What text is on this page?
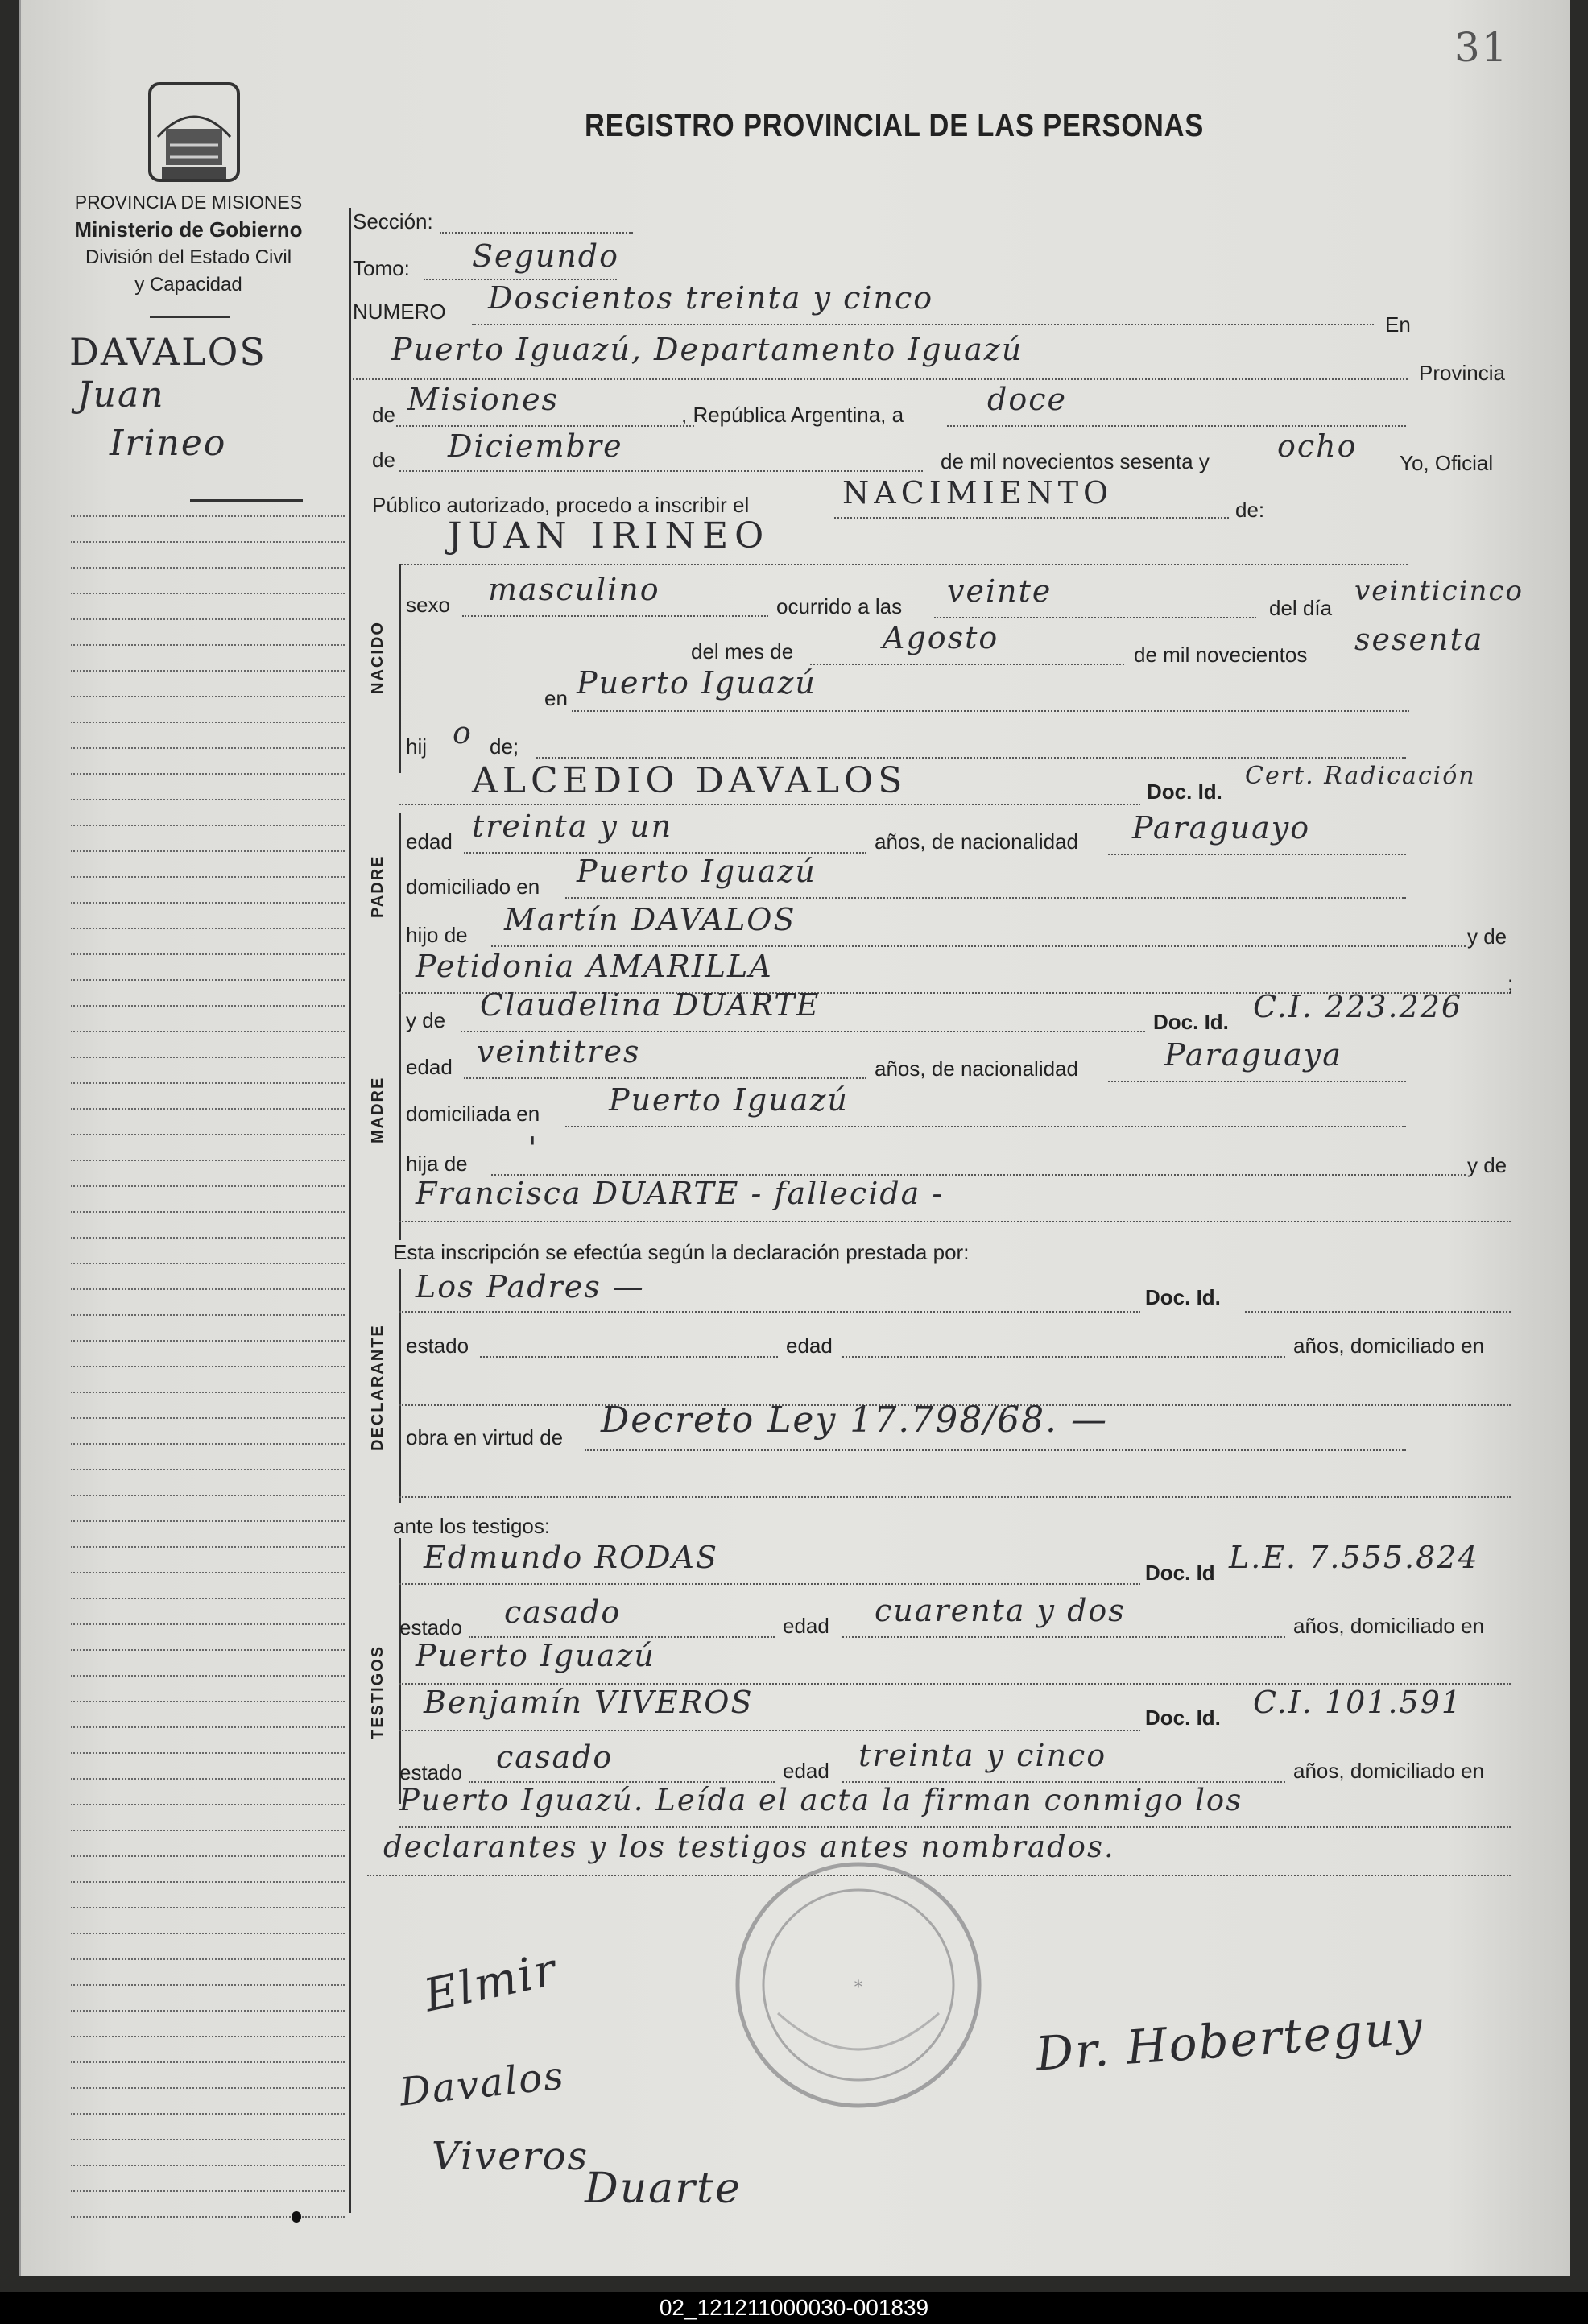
31
PROVINCIA DE MISIONES
Ministerio de Gobierno
División del Estado Civil
y Capacidad
REGISTRO PROVINCIAL DE LAS PERSONAS
DAVALOS
Juan
Irineo
Sección:
Tomo: Segundo
NUMERO Doscientos treinta y cinco
En
Puerto Iguazú, Departamento Iguazú
Provincia
de Misiones	, República Argentina, a	doce
de Diciembre	de mil novecientos sesenta y ocho Yo, Oficial
Público autorizado, procedo a inscribir el	NACIMIENTO	de:
JUAN IRINEO
NACIDO
sexo masculino	ocurrido a las veinte	del día
veinticinco
del mes de	Agosto	de mil novecientos sesenta
en Puerto Iguazú
hij o de;
ALCEDIO DAVALOS	Doc. Id.
Cert. Radicación
PADRE
edad treinta y un	años, de nacionalidad Paraguayo
domiciliado en Puerto Iguazú
hijo de Martín DAVALOS	y de
Petidonia AMARILLA	;
MADRE
y de Claudelina DUARTE	Doc. Id. C.I. 223.226
edad veintitres	años, de nacionalidad	Paraguaya
domiciliada en Puerto Iguazú
hija de '	y de
Francisca DUARTE - fallecida -
Esta inscripción se efectúa según la declaración prestada por:
DECLARANTE
Los Padres —	Doc. Id.
estado	edad	años, domiciliado en
obra en virtud de Decreto Ley 17.798/68. —
ante los testigos:
TESTIGOS
Edmundo RODAS	Doc. Id L.E. 7.555.824
estado casado	edad cuarenta y dos	años, domiciliado en
Puerto Iguazú
Benjamín VIVEROS	Doc. Id. C.I. 101.591
estado casado	edad treinta y cinco	años, domiciliado en
Puerto Iguazú. Leída el acta la firman conmigo los
declarantes y los testigos antes nombrados.
*
Elmir
Davalos
Viveros
Duarte
Dr. Hoberteguy
02_121211000030-001839
